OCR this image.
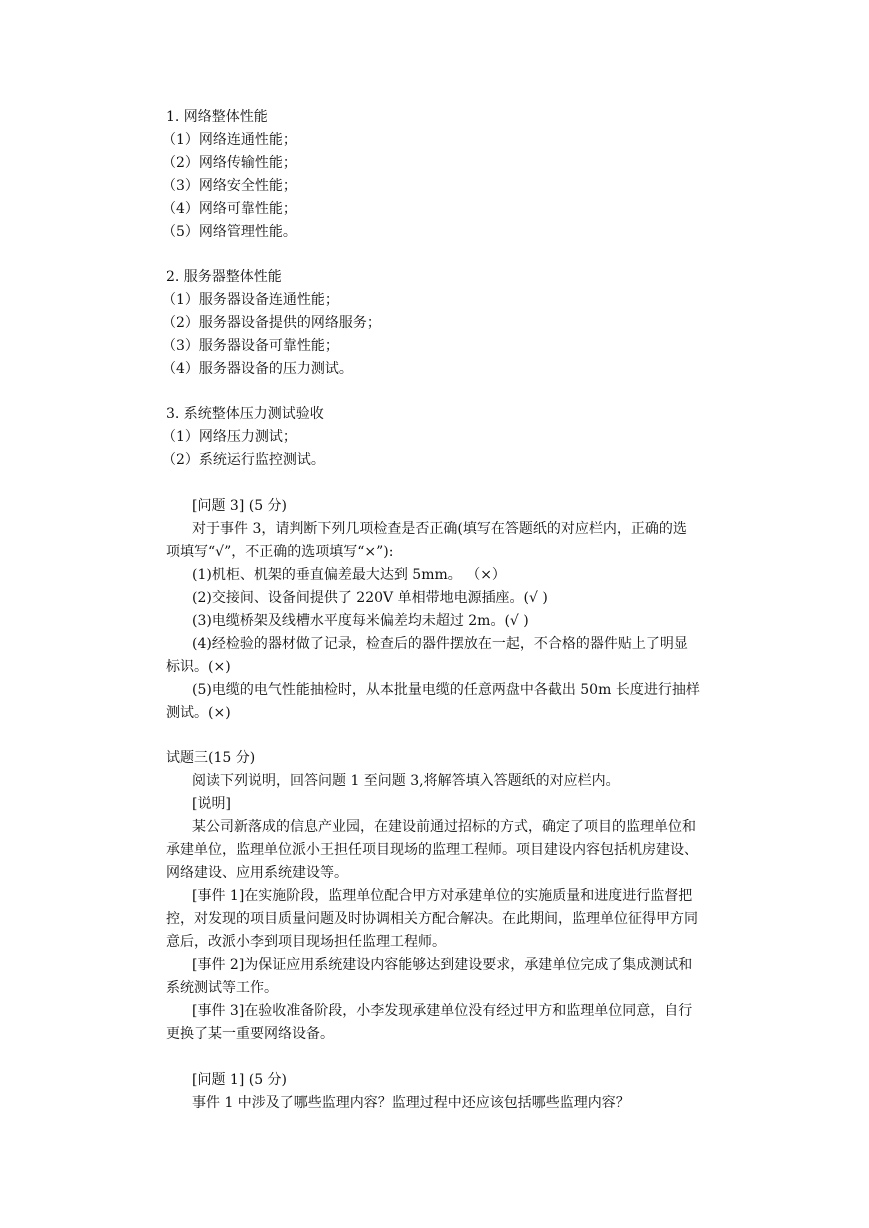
1. 网络整体性能
（1）网络连通性能；
（2）网络传输性能；
（3）网络安全性能；
（4）网络可靠性能；
（5）网络管理性能。
2. 服务器整体性能
（1）服务器设备连通性能；
（2）服务器设备提供的网络服务；
（3）服务器设备可靠性能；
（4）服务器设备的压力测试。
3. 系统整体压力测试验收
（1）网络压力测试；
（2）系统运行监控测试。
[问题 3] (5 分)
对于事件 3，请判断下列几项检查是否正确(填写在答题纸的对应栏内，正确的选
项填写“√”，不正确的选项填写“×”):
(1)机柜、机架的垂直偏差最大达到 5mm。 （×）
(2)交接间、设备间提供了 220V 单相带地电源插座。(√ )
(3)电缆桥架及线槽水平度每米偏差均未超过 2m。(√ )
(4)经检验的器材做了记录，检查后的器件摆放在一起，不合格的器件贴上了明显
标识。(×)
(5)电缆的电气性能抽检时，从本批量电缆的任意两盘中各截出 50m 长度进行抽样
测试。(×)
试题三(15 分)
阅读下列说明，回答问题 1 至问题 3,将解答填入答题纸的对应栏内。
[说明]
某公司新落成的信息产业园，在建设前通过招标的方式，确定了项目的监理单位和
承建单位，监理单位派小王担任项目现场的监理工程师。项目建设内容包括机房建设、
网络建设、应用系统建设等。
[事件 1]在实施阶段，监理单位配合甲方对承建单位的实施质量和进度进行监督把
控，对发现的项目质量问题及时协调相关方配合解决。在此期间，监理单位征得甲方同
意后，改派小李到项目现场担任监理工程师。
[事件 2]为保证应用系统建设内容能够达到建设要求，承建单位完成了集成测试和
系统测试等工作。
[事件 3]在验收准备阶段，小李发现承建单位没有经过甲方和监理单位同意，自行
更换了某一重要网络设备。
[问题 1] (5 分)
事件 1 中涉及了哪些监理内容？监理过程中还应该包括哪些监理内容？
